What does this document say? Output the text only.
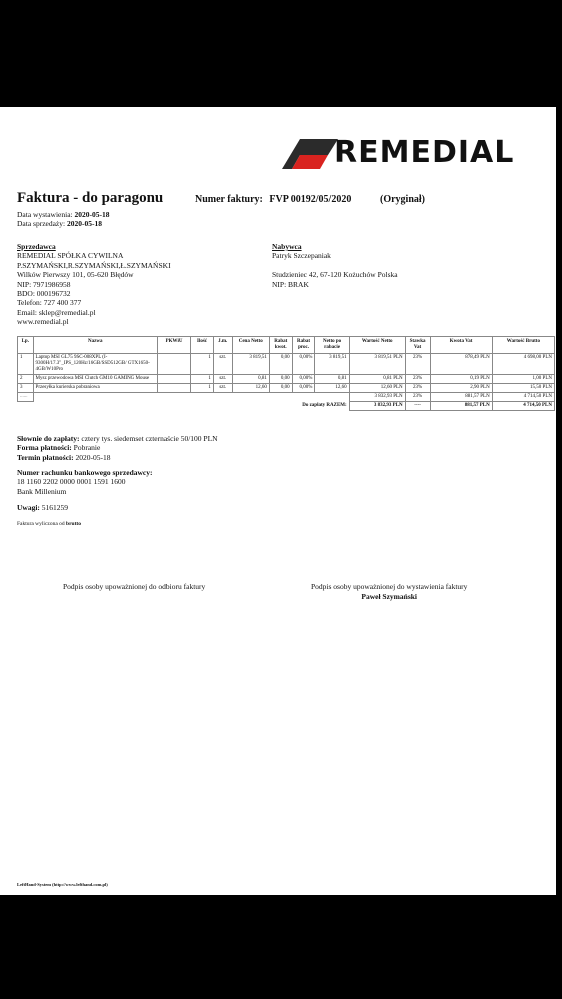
REMEDIAL
Faktura - do paragonu	Numer faktury: FVP 00192/05/2020	(Oryginał)
Data wystawienia: 2020-05-18
Data sprzedaży: 2020-05-18
Sprzedawca
REMEDIAL SPÓŁKA CYWILNA
P.SZYMAŃSKI,R.SZYMAŃSKI,Ł.SZYMAŃSKI
Wilków Pierwszy 101, 05-620 Błędów
NIP: 7971986958
BDO: 000196732
Telefon: 727 400 377
Email: sklep@remedial.pl
www.remedial.pl
Nabywca
Patryk Szczepaniak
Studzieniec 42, 67-120 Kożuchów Polska
NIP: BRAK
Lp.	Nazwa	PKWiU	Ilość	J.m.	Cena Netto	Rabat kwot.	Rabat proc.	Netto po rabacie	Wartość Netto	Stawka Vat	Kwota Vat	Wartość Brutto
1	Laptop MSI GL75 9SC-008XPL (I-9300H/17.3"_IPS_120Hz/16GB/SSD512GB/ GTX1650-4GB/W10Pro		1	szt.	3 819,51	0,00	0,00%	3 819,51	3 819,51 PLN	23%	878,49 PLN	4 698,00 PLN
2	Mysz przewodowa MSI Clutch GM10 GAMING Mouse		1	szt.	0,81	0,00	0,00%	0,81	0,81 PLN	23%	0,19 PLN	1,00 PLN
3	Przesyłka kurierska pobraniowa		1	szt.	12,60	0,00	0,00%	12,60	12,60 PLN	23%	2,90 PLN	15,50 PLN
......									3 832,93 PLN	23%	881,57 PLN	4 714,50 PLN
Do zapłaty RAZEM:									3 832,93 PLN	----	881,57 PLN	4 714,50 PLN
Słownie do zapłaty: cztery tys. siedemset czternaście 50/100 PLN
Forma płatności: Pobranie
Termin płatności: 2020-05-18
Numer rachunku bankowego sprzedawcy:
18 1160 2202 0000 0001 1591 1600
Bank Millenium
Uwagi: 5161259
Faktura wyliczona od brutto
Podpis osoby upoważnionej do odbioru faktury	Podpis osoby upoważnionej do wystawienia faktury
Paweł Szymański
LeftHand-System (http://www.lefthand.com.pl)
